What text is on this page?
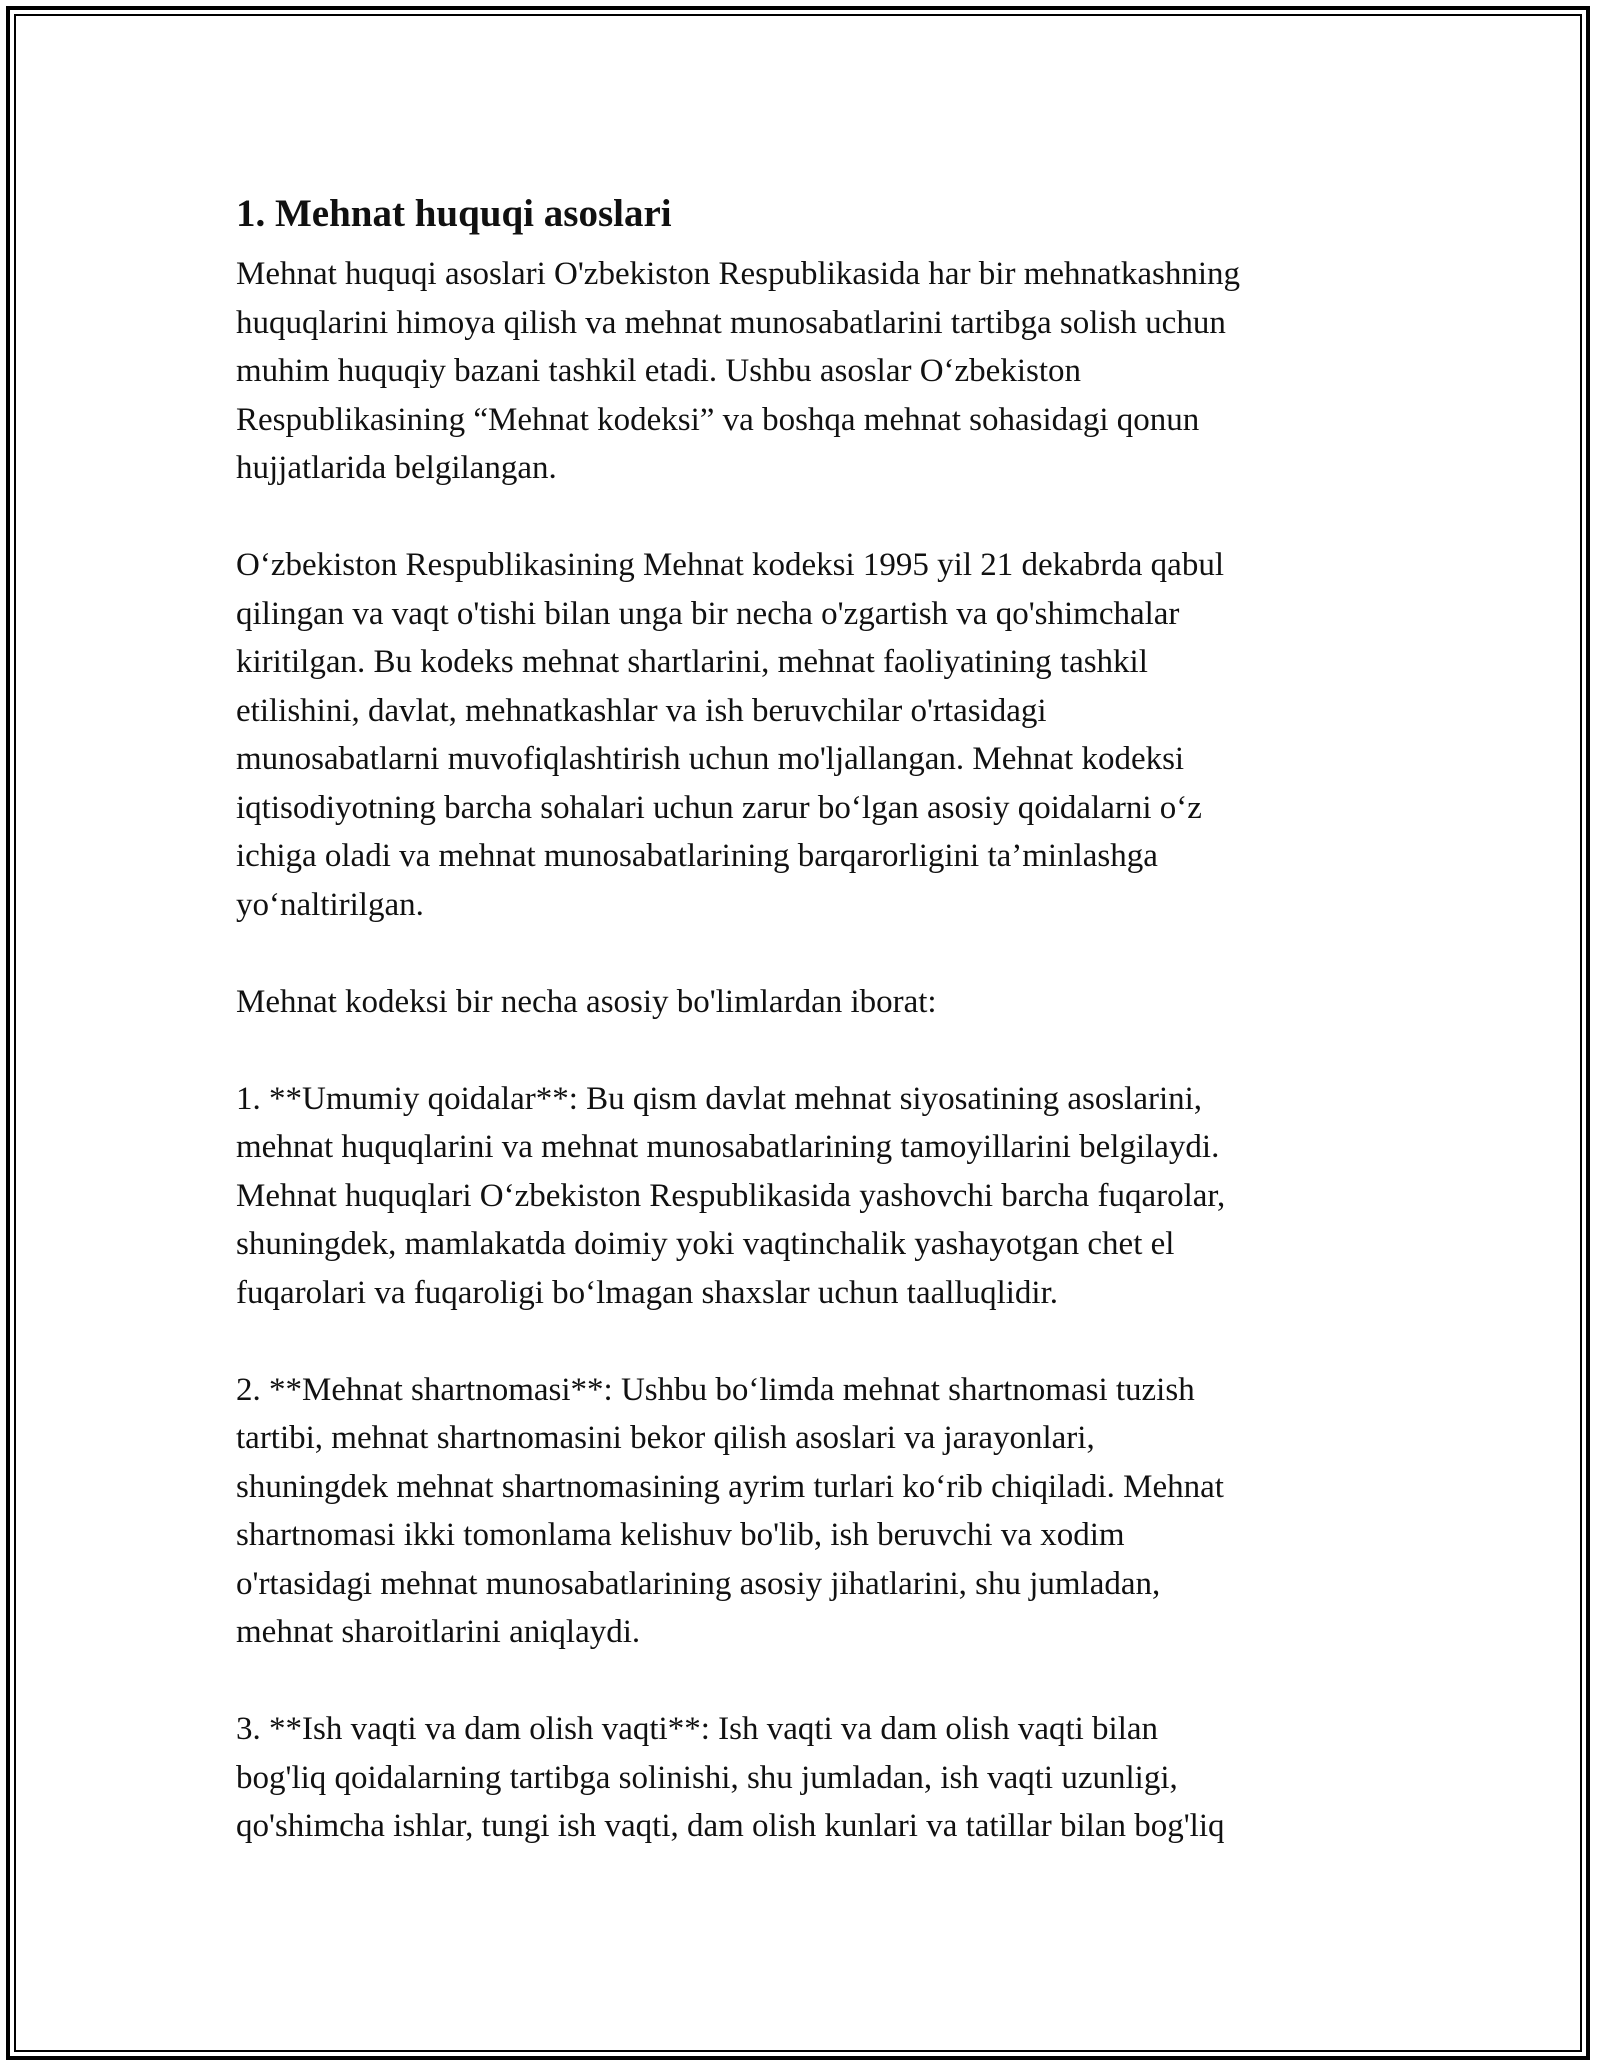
1. Mehnat huquqi asoslari
Mehnat huquqi asoslari O'zbekiston Respublikasida har bir mehnatkashning
huquqlarini himoya qilish va mehnat munosabatlarini tartibga solish uchun
muhim huquqiy bazani tashkil etadi. Ushbu asoslar O‘zbekiston
Respublikasining “Mehnat kodeksi” va boshqa mehnat sohasidagi qonun
hujjatlarida belgilangan.
O‘zbekiston Respublikasining Mehnat kodeksi 1995 yil 21 dekabrda qabul
qilingan va vaqt o'tishi bilan unga bir necha o'zgartish va qo'shimchalar
kiritilgan. Bu kodeks mehnat shartlarini, mehnat faoliyatining tashkil
etilishini, davlat, mehnatkashlar va ish beruvchilar o'rtasidagi
munosabatlarni muvofiqlashtirish uchun mo'ljallangan. Mehnat kodeksi
iqtisodiyotning barcha sohalari uchun zarur bo‘lgan asosiy qoidalarni o‘z
ichiga oladi va mehnat munosabatlarining barqarorligini ta’minlashga
yo‘naltirilgan.
Mehnat kodeksi bir necha asosiy bo'limlardan iborat:
1. **Umumiy qoidalar**: Bu qism davlat mehnat siyosatining asoslarini,
mehnat huquqlarini va mehnat munosabatlarining tamoyillarini belgilaydi.
Mehnat huquqlari O‘zbekiston Respublikasida yashovchi barcha fuqarolar,
shuningdek, mamlakatda doimiy yoki vaqtinchalik yashayotgan chet el
fuqarolari va fuqaroligi bo‘lmagan shaxslar uchun taalluqlidir.
2. **Mehnat shartnomasi**: Ushbu bo‘limda mehnat shartnomasi tuzish
tartibi, mehnat shartnomasini bekor qilish asoslari va jarayonlari,
shuningdek mehnat shartnomasining ayrim turlari ko‘rib chiqiladi. Mehnat
shartnomasi ikki tomonlama kelishuv bo'lib, ish beruvchi va xodim
o'rtasidagi mehnat munosabatlarining asosiy jihatlarini, shu jumladan,
mehnat sharoitlarini aniqlaydi.
3. **Ish vaqti va dam olish vaqti**: Ish vaqti va dam olish vaqti bilan
bog'liq qoidalarning tartibga solinishi, shu jumladan, ish vaqti uzunligi,
qo'shimcha ishlar, tungi ish vaqti, dam olish kunlari va tatillar bilan bog'liq
